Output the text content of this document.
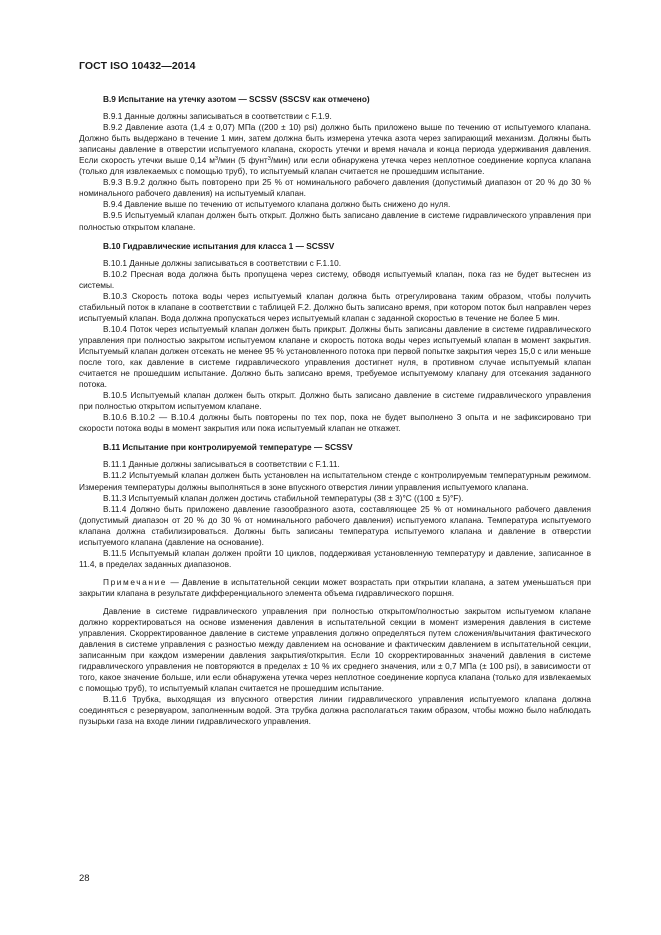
ГОСТ ISO 10432—2014
B.9 Испытание на утечку азотом — SCSSV (SSCSV как отмечено)

B.9.1 Данные должны записываться в соответствии с F.1.9.

B.9.2 Давление азота (1,4 ± 0,07) МПа ((200 ± 10) psi) должно быть приложено выше по течению от испытуемого клапана. Должно быть выдержано в течение 1 мин, затем должна быть измерена утечка азота через запирающий механизм. Должны быть записаны давление в отверстии испытуемого клапана, скорость утечки и время начала и конца периода удерживания давления. Если скорость утечки выше 0,14 $м^3$/мин (5 фунт$^3$/мин) или если обнаружена утечка через неплотное соединение корпуса клапана (только для извлекаемых с помощью труб), то испытуемый клапан считается не прошедшим испытание.

B.9.3 B.9.2 должно быть повторено при 25 % от номинального рабочего давления (допустимый диапазон от 20 % до 30 % номинального рабочего давления) на испытуемый клапан.

B.9.4 Давление выше по течению от испытуемого клапана должно быть снижено до нуля.

B.9.5 Испытуемый клапан должен быть открыт. Должно быть записано давление в системе гидравлического управления при полностью открытом клапане.

B.10 Гидравлические испытания для класса 1 — SCSSV

B.10.1 Данные должны записываться в соответствии с F.1.10.

B.10.2 Пресная вода должна быть пропущена через систему, обводя испытуемый клапан, пока газ не будет вытеснен из системы.

B.10.3 Скорость потока воды через испытуемый клапан должна быть отрегулирована таким образом, чтобы получить стабильный поток в клапане в соответствии с таблицей F.2. Должно быть записано время, при котором поток был направлен через испытуемый клапан. Вода должна пропускаться через испытуемый клапан с заданной скоростью в течение не более 5 мин.

B.10.4 Поток через испытуемый клапан должен быть прикрыт. Должны быть записаны давление в системе гидравлического управления при полностью закрытом испытуемом клапане и скорость потока воды через испытуемый клапан в момент закрытия. Испытуемый клапан должен отсекать не менее 95 % установленного потока при первой попытке закрытия через 15,0 с или меньше после того, как давление в системе гидравлического управления достигнет нуля, в противном случае испытуемый клапан считается не прошедшим испытание. Должно быть записано время, требуемое испытуемому клапану для отсекания заданного потока.

B.10.5 Испытуемый клапан должен быть открыт. Должно быть записано давление в системе гидравлического управления при полностью открытом испытуемом клапане.

B.10.6 B.10.2 — B.10.4 должны быть повторены по тех пор, пока не будет выполнено 3 опыта и не зафиксировано три скорости потока воды в момент закрытия или пока испытуемый клапан не откажет.

B.11 Испытание при контролируемой температуре — SCSSV

B.11.1 Данные должны записываться в соответствии с F.1.11.

B.11.2 Испытуемый клапан должен быть установлен на испытательном стенде с контролируемым температурным режимом. Измерения температуры должны выполняться в зоне впускного отверстия линии управления испытуемого клапана.

B.11.3 Испытуемый клапан должен достичь стабильной температуры (38 ± 3)°С ((100 ± 5)°F).

B.11.4 Должно быть приложено давление газообразного азота, составляющее 25 % от номинального рабочего давления (допустимый диапазон от 20 % до 30 % от номинального рабочего давления) испытуемого клапана. Температура испытуемого клапана должна стабилизироваться. Должны быть записаны температура испытуемого клапана и давление в отверстии испытуемого клапана (давление на основание).

B.11.5 Испытуемый клапан должен пройти 10 циклов, поддерживая установленную температуру и давление, записанное в 11.4, в пределах заданных диапазонов.

Примечание — Давление в испытательной секции может возрастать при открытии клапана, а затем уменьшаться при закрытии клапана в результате дифференциального элемента объема гидравлического поршня.

Давление в системе гидравлического управления при полностью открытом/полностью закрытом испытуемом клапане должно корректироваться на основе изменения давления в испытательной секции в момент измерения давления в системе управления. Скорректированное давление в системе управления должно определяться путем сложения/вычитания фактического давления в системе управления с разностью между давлением на основание и фактическим давлением в испытательной секции, записанным при каждом измерении давления закрытия/открытия. Если 10 скорректированных значений давления в системе гидравлического управления не повторяются в пределах ± 10 % их среднего значения, или ± 0,7 МПа (± 100 psi), в зависимости от того, какое значение больше, или если обнаружена утечка через неплотное соединение корпуса клапана (только для извлекаемых с помощью труб), то испытуемый клапан считается не прошедшим испытание.

B.11.6 Трубка, выходящая из впускного отверстия линии гидравлического управления испытуемого клапана должна соединяться с резервуаром, заполненным водой. Эта трубка должна располагаться таким образом, чтобы можно было наблюдать пузырьки газа на входе линии гидравлического управления.

28
